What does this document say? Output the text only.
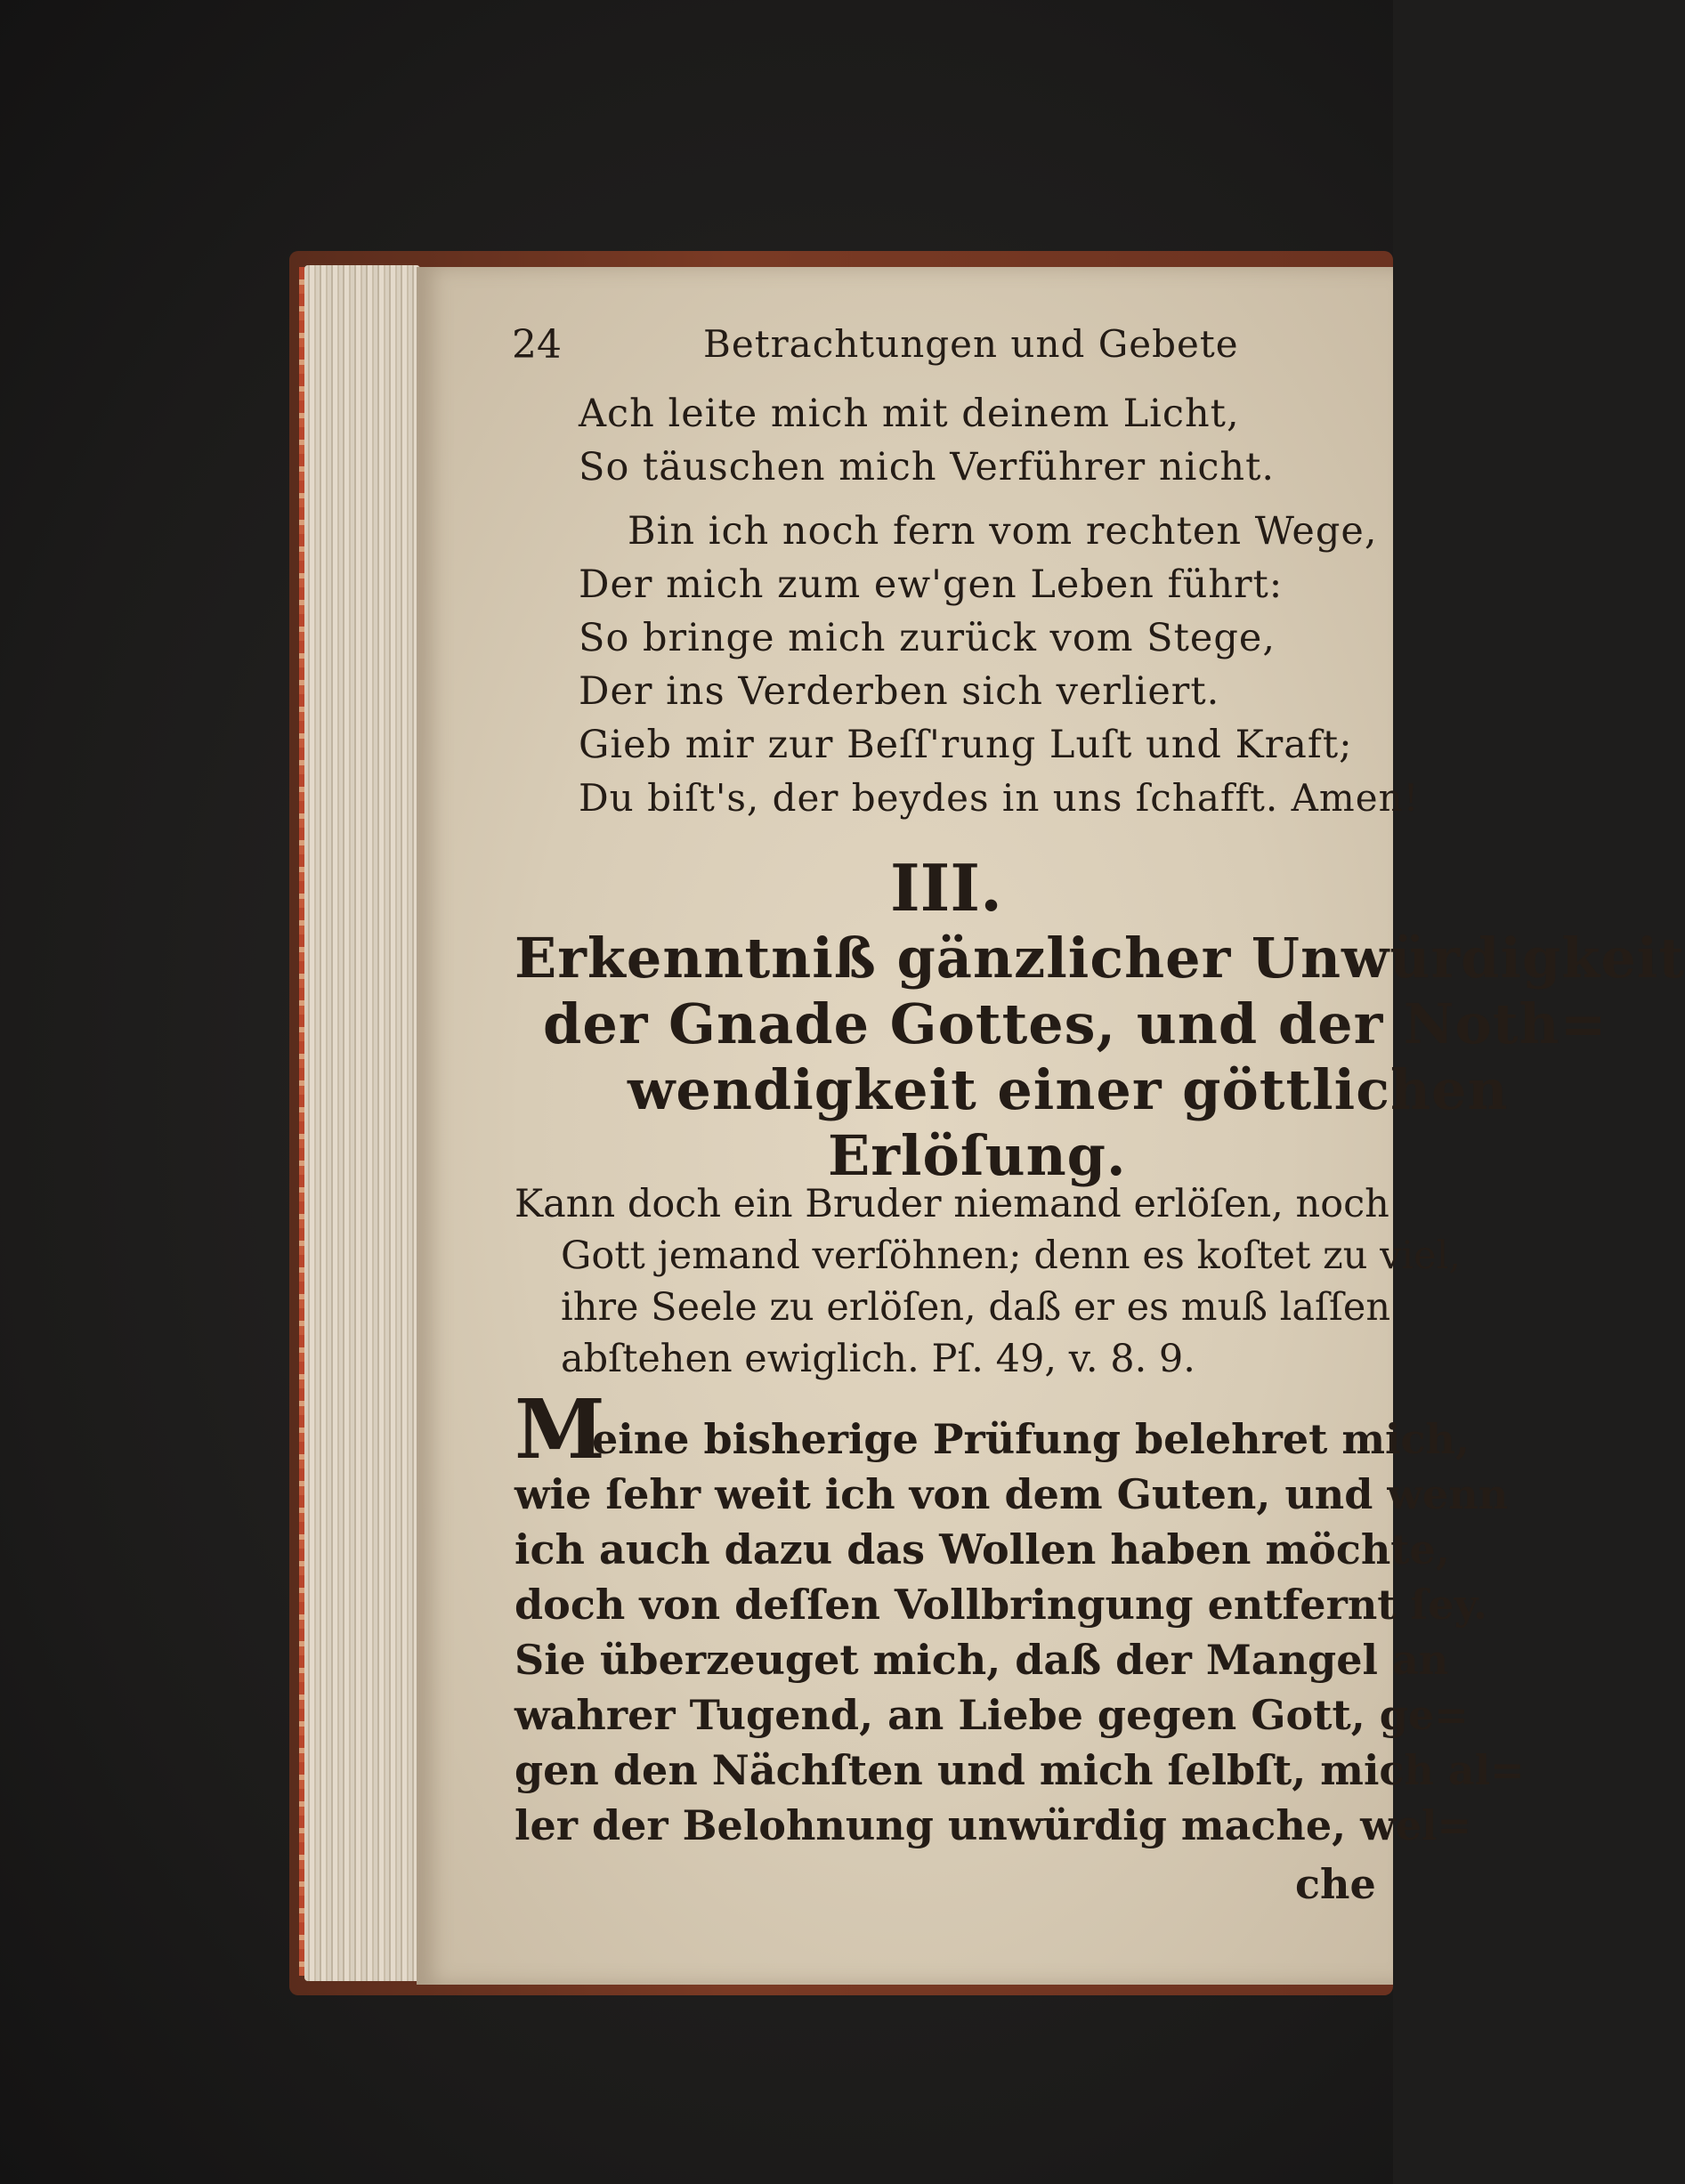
24	Betrachtungen und Gebete
Ach leite mich mit deinem Licht,
So täuschen mich Verführer nicht.
Bin ich noch fern vom rechten Wege,
Der mich zum ew'gen Leben führt:
So bringe mich zurück vom Stege,
Der ins Verderben sich verliert.
Gieb mir zur Beſſ'rung Luſt und Kraft;
Du biſt's, der beydes in uns ſchafft. Amen!
III.
Erkenntniß gänzlicher Unwürdigkeit
der Gnade Gottes, und der Noth=
wendigkeit einer göttlichen
Erlöſung.
Kann doch ein Bruder niemand erlöſen, noch
Gott jemand verſöhnen; denn es koſtet zu viel,
ihre Seele zu erlöſen, daß er es muß laſſen
abſtehen ewiglich. Pſ. 49, v. 8. 9.
M
eine bisherige Prüfung belehret mich,
wie ſehr weit ich von dem Guten, und wenn
ich auch dazu das Wollen haben möchte,
doch von deſſen Vollbringung entfernt ſey.
Sie überzeuget mich, daß der Mangel an
wahrer Tugend, an Liebe gegen Gott, ge=
gen den Nächſten und mich ſelbſt, mich al=
ler der Belohnung unwürdig mache, wel=
che
